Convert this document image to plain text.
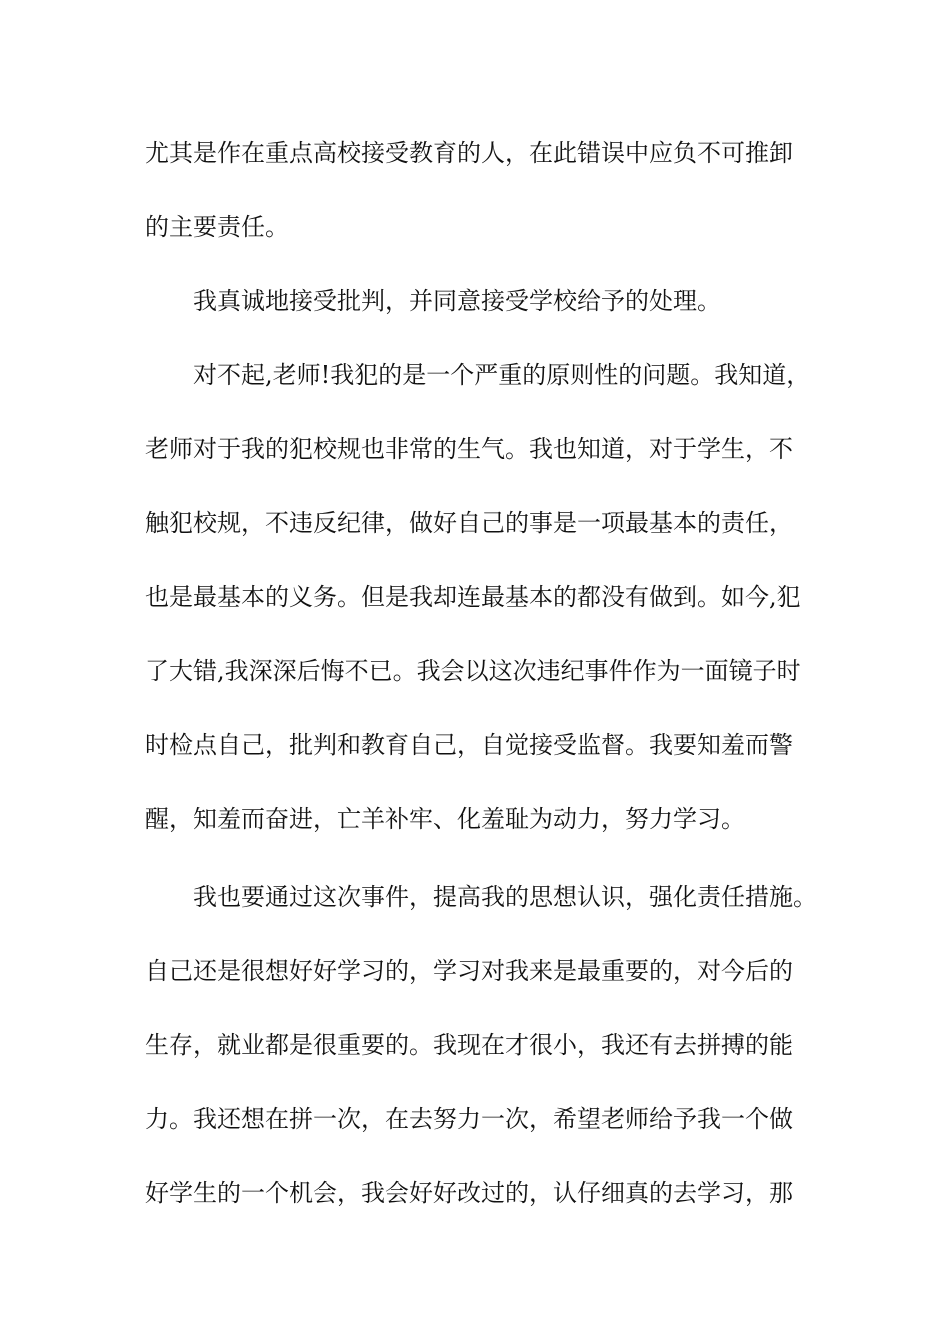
尤其是作在重点高校接受教育的人，在此错误中应负不可推卸
的主要责任。
我真诚地接受批判，并同意接受学校给予的处理。
对不起,老师!我犯的是一个严重的原则性的问题。我知道，
老师对于我的犯校规也非常的生气。我也知道，对于学生，不
触犯校规，不违反纪律，做好自己的事是一项最基本的责任，
也是最基本的义务。但是我却连最基本的都没有做到。如今,犯
了大错,我深深后悔不已。我会以这次违纪事件作为一面镜子时
时检点自己，批判和教育自己，自觉接受监督。我要知羞而警
醒，知羞而奋进，亡羊补牢、化羞耻为动力，努力学习。
我也要通过这次事件，提高我的思想认识，强化责任措施。
自己还是很想好好学习的，学习对我来是最重要的，对今后的
生存，就业都是很重要的。我现在才很小，我还有去拼搏的能
力。我还想在拼一次，在去努力一次，希望老师给予我一个做
好学生的一个机会，我会好好改过的，认仔细真的去学习，那
